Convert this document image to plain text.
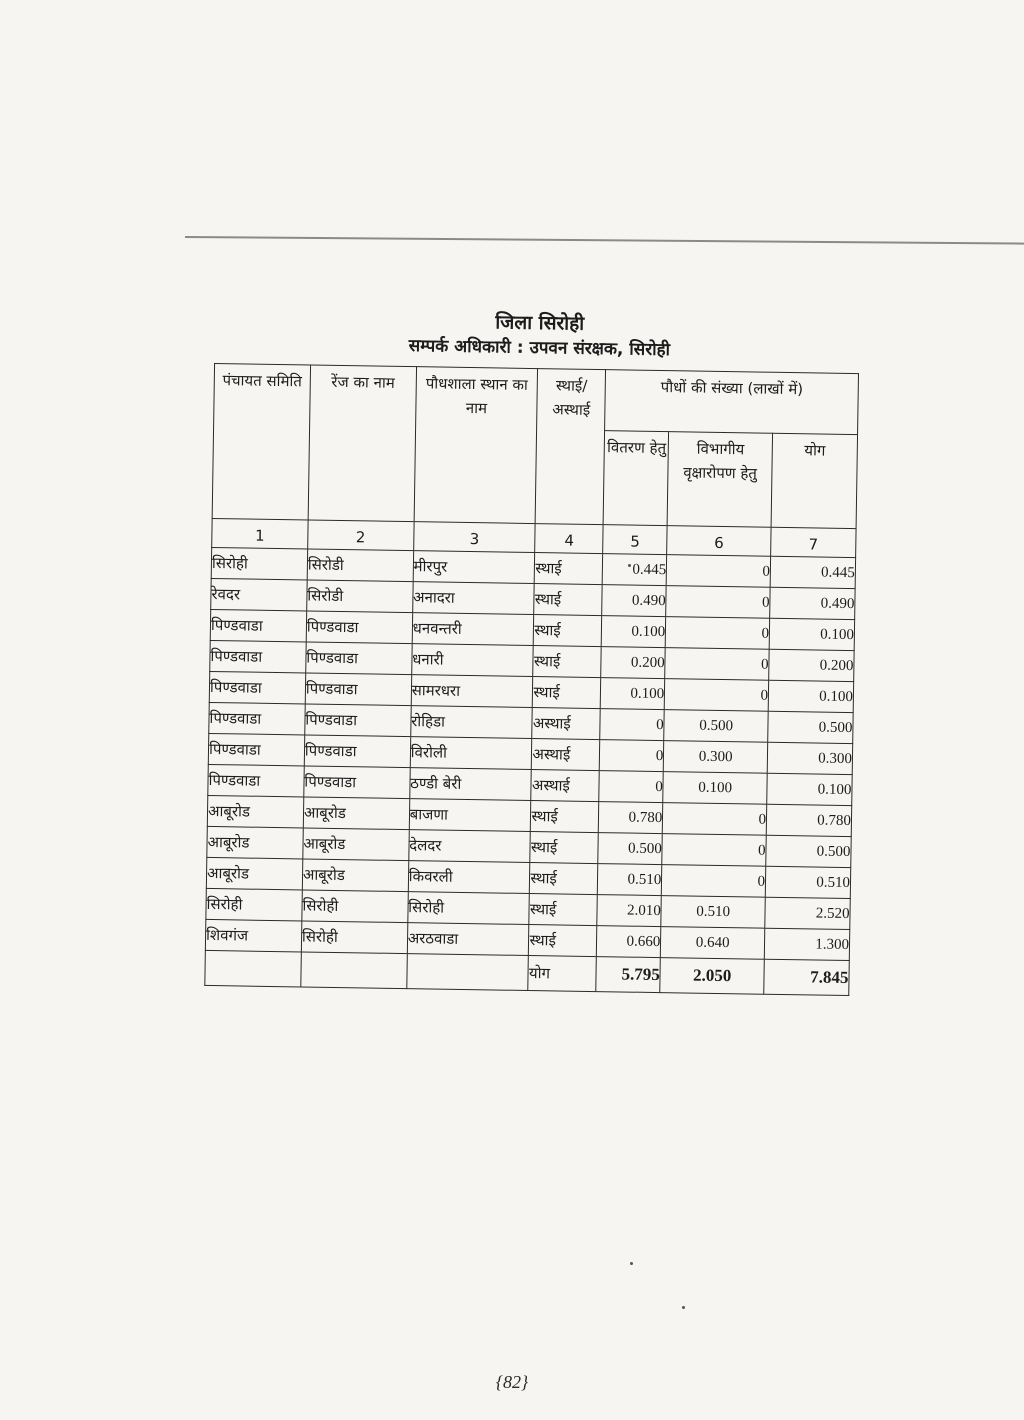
जिला सिरोही
सम्पर्क अधिकारी : उपवन संरक्षक, सिरोही
पंचायत समिति	रेंज का नाम	पौधशाला स्थान का नाम	स्थाई/ अस्थाई	पौधों की संख्या (लाखों में)		
				वितरण हेतु	विभागीय वृक्षारोपण हेतु	योग
1	2	3	4	5	6	7
सिरोही	सिरोडी	मीरपुर	स्थाई	0.445	0	0.445
रेवदर	सिरोडी	अनादरा	स्थाई	0.490	0	0.490
पिण्डवाडा	पिण्डवाडा	धनवन्तरी	स्थाई	0.100	0	0.100
पिण्डवाडा	पिण्डवाडा	धनारी	स्थाई	0.200	0	0.200
पिण्डवाडा	पिण्डवाडा	सामरधरा	स्थाई	0.100	0	0.100
पिण्डवाडा	पिण्डवाडा	रोहिडा	अस्थाई	0	0.500	0.500
पिण्डवाडा	पिण्डवाडा	विरोली	अस्थाई	0	0.300	0.300
पिण्डवाडा	पिण्डवाडा	ठण्डी बेरी	अस्थाई	0	0.100	0.100
आबूरोड	आबूरोड	बाजणा	स्थाई	0.780	0	0.780
आबूरोड	आबूरोड	देलदर	स्थाई	0.500	0	0.500
आबूरोड	आबूरोड	किवरली	स्थाई	0.510	0	0.510
सिरोही	सिरोही	सिरोही	स्थाई	2.010	0.510	2.520
शिवगंज	सिरोही	अरठवाडा	स्थाई	0.660	0.640	1.300
			योग	5.795	2.050	7.845
{82}
